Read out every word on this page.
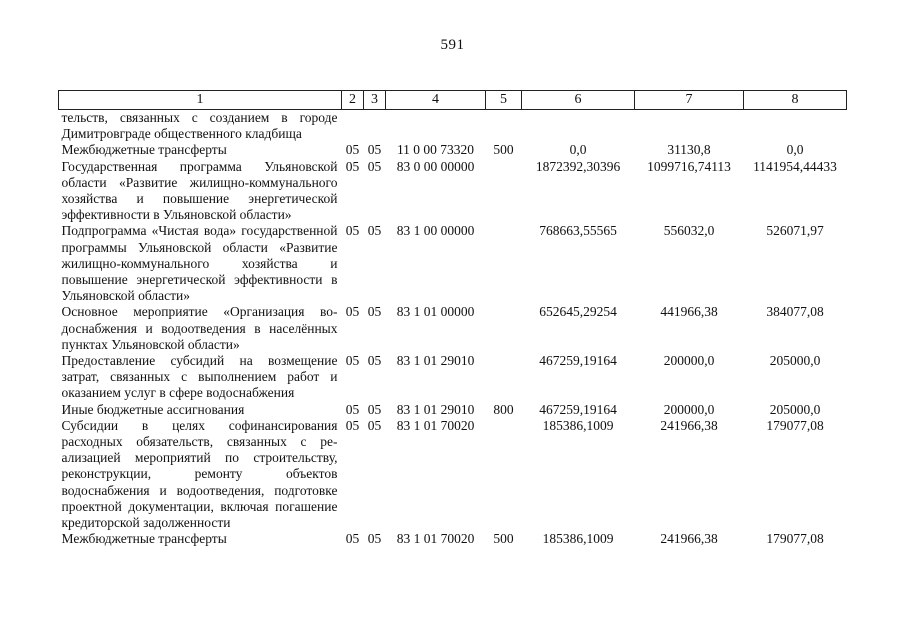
591
1	2	3	4	5	6	7	8
тельств, связанных с созданием в городе Димитровграде общественного кладбища							
Межбюджетные трансферты	05	05	11 0 00 73320	500	0,0	31130,8	0,0
Государственная программа Ульяновской области «Развитие жилищно-коммунального хозяйства и повышение энергетической эффективности в Ульяновской области»	05	05	83 0 00 00000		1872392,30396	1099716,74113	1141954,44433
Подпрограмма «Чистая вода» государственной программы Ульяновской области «Развитие жилищно-коммунального хозяйства и повышение энергетической эффективности в Ульяновской области»	05	05	83 1 00 00000		768663,55565	556032,0	526071,97
Основное мероприятие «Организация водоснабжения и водоотведения в населённых пунктах Ульяновской области»	05	05	83 1 01 00000		652645,29254	441966,38	384077,08
Предоставление субсидий на возмещение затрат, связанных с выполнением работ и оказанием услуг в сфере водоснабжения	05	05	83 1 01 29010		467259,19164	200000,0	205000,0
Иные бюджетные ассигнования	05	05	83 1 01 29010	800	467259,19164	200000,0	205000,0
Субсидии в целях софинансирования расходных обязательств, связанных с реализацией мероприятий по строительству, реконструкции, ремонту объектов водоснабжения и водоотведения, подготовке проектной документации, включая погашение кредиторской задолженности	05	05	83 1 01 70020		185386,1009	241966,38	179077,08
Межбюджетные трансферты	05	05	83 1 01 70020	500	185386,1009	241966,38	179077,08
